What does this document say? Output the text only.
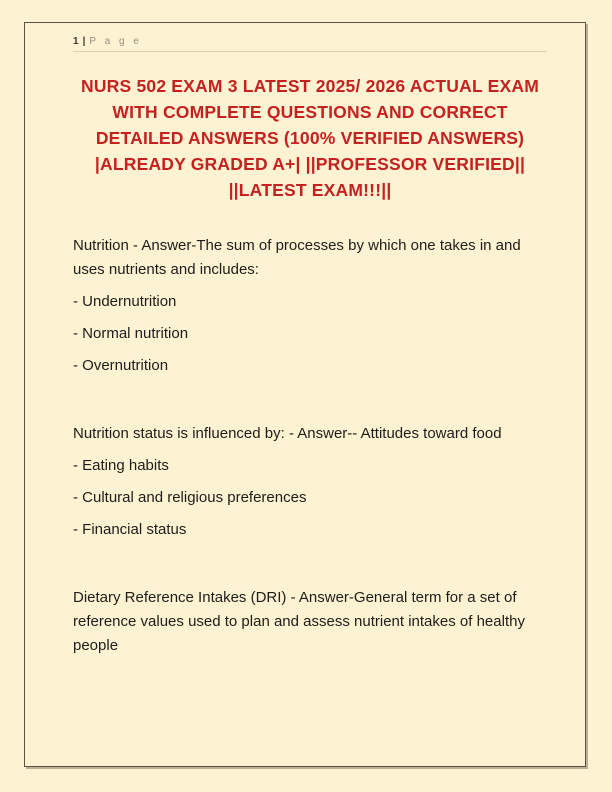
1 | P a g e
NURS 502 EXAM 3 LATEST 2025/ 2026 ACTUAL EXAM
WITH COMPLETE QUESTIONS AND CORRECT
DETAILED ANSWERS (100% VERIFIED ANSWERS)
|ALREADY GRADED A+| ||PROFESSOR VERIFIED||
||LATEST EXAM!!!||

Nutrition - Answer-The sum of processes by which one takes in and uses nutrients and includes:

- Undernutrition

- Normal nutrition

- Overnutrition

Nutrition status is influenced by: - Answer-- Attitudes toward food

- Eating habits

- Cultural and religious preferences

- Financial status

Dietary Reference Intakes (DRI) - Answer-General term for a set of reference values used to plan and assess nutrient intakes of healthy people
